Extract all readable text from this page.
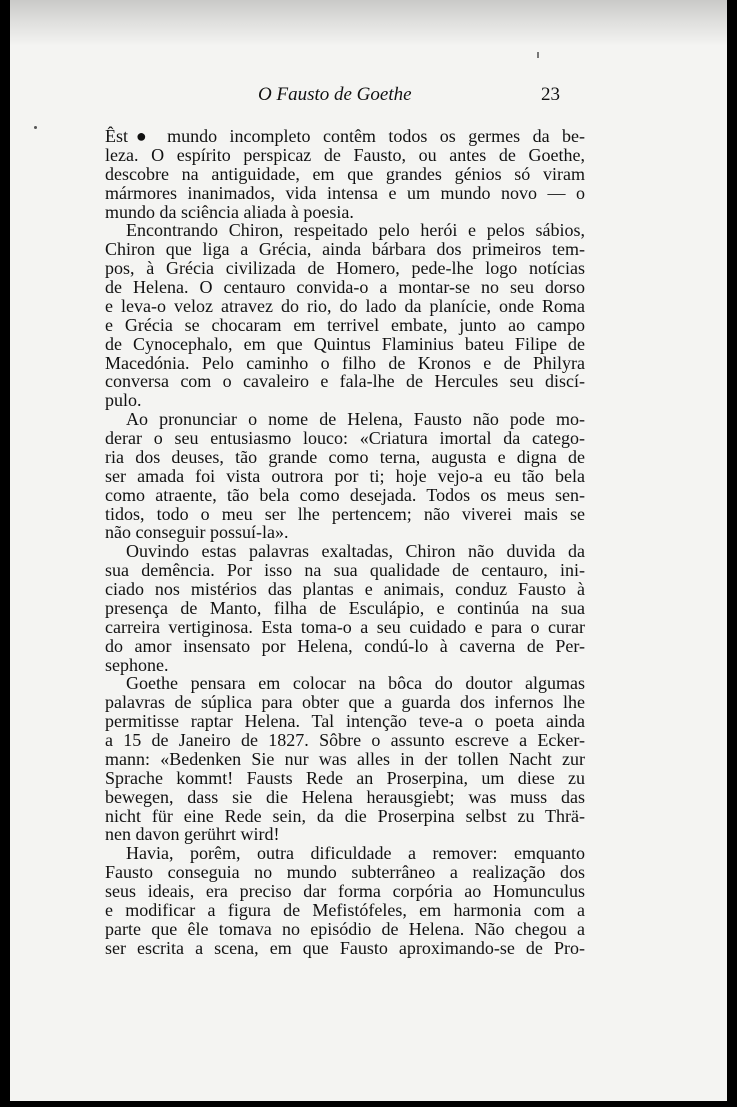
O Fausto de Goethe	23
Êst● mundo incompleto contêm todos os germes da be-
leza. O espírito perspicaz de Fausto, ou antes de Goethe,
descobre na antiguidade, em que grandes génios só viram
mármores inanimados, vida intensa e um mundo novo — o
mundo da sciência aliada à poesia.
Encontrando Chiron, respeitado pelo herói e pelos sábios,
Chiron que liga a Grécia, ainda bárbara dos primeiros tem-
pos, à Grécia civilizada de Homero, pede-lhe logo notícias
de Helena. O centauro convida-o a montar-se no seu dorso
e leva-o veloz atravez do rio, do lado da planície, onde Roma
e Grécia se chocaram em terrivel embate, junto ao campo
de Cynocephalo, em que Quintus Flaminius bateu Filipe de
Macedónia. Pelo caminho o filho de Kronos e de Philyra
conversa com o cavaleiro e fala-lhe de Hercules seu discí-
pulo.
Ao pronunciar o nome de Helena, Fausto não pode mo-
derar o seu entusiasmo louco: «Criatura imortal da catego-
ria dos deuses, tão grande como terna, augusta e digna de
ser amada foi vista outrora por ti; hoje vejo-a eu tão bela
como atraente, tão bela como desejada. Todos os meus sen-
tidos, todo o meu ser lhe pertencem; não viverei mais se
não conseguir possuí-la».
Ouvindo estas palavras exaltadas, Chiron não duvida da
sua demência. Por isso na sua qualidade de centauro, ini-
ciado nos mistérios das plantas e animais, conduz Fausto à
presença de Manto, filha de Esculápio, e continúa na sua
carreira vertiginosa. Esta toma-o a seu cuidado e para o curar
do amor insensato por Helena, condú-lo à caverna de Per-
sephone.
Goethe pensara em colocar na bôca do doutor algumas
palavras de súplica para obter que a guarda dos infernos lhe
permitisse raptar Helena. Tal intenção teve-a o poeta ainda
a 15 de Janeiro de 1827. Sôbre o assunto escreve a Ecker-
mann: «Bedenken Sie nur was alles in der tollen Nacht zur
Sprache kommt! Fausts Rede an Proserpina, um diese zu
bewegen, dass sie die Helena herausgiebt; was muss das
nicht für eine Rede sein, da die Proserpina selbst zu Thrä-
nen davon gerührt wird!
Havia, porêm, outra dificuldade a remover: emquanto
Fausto conseguia no mundo subterrâneo a realização dos
seus ideais, era preciso dar forma corpória ao Homunculus
e modificar a figura de Mefistófeles, em harmonia com a
parte que êle tomava no episódio de Helena. Não chegou a
ser escrita a scena, em que Fausto aproximando-se de Pro-
